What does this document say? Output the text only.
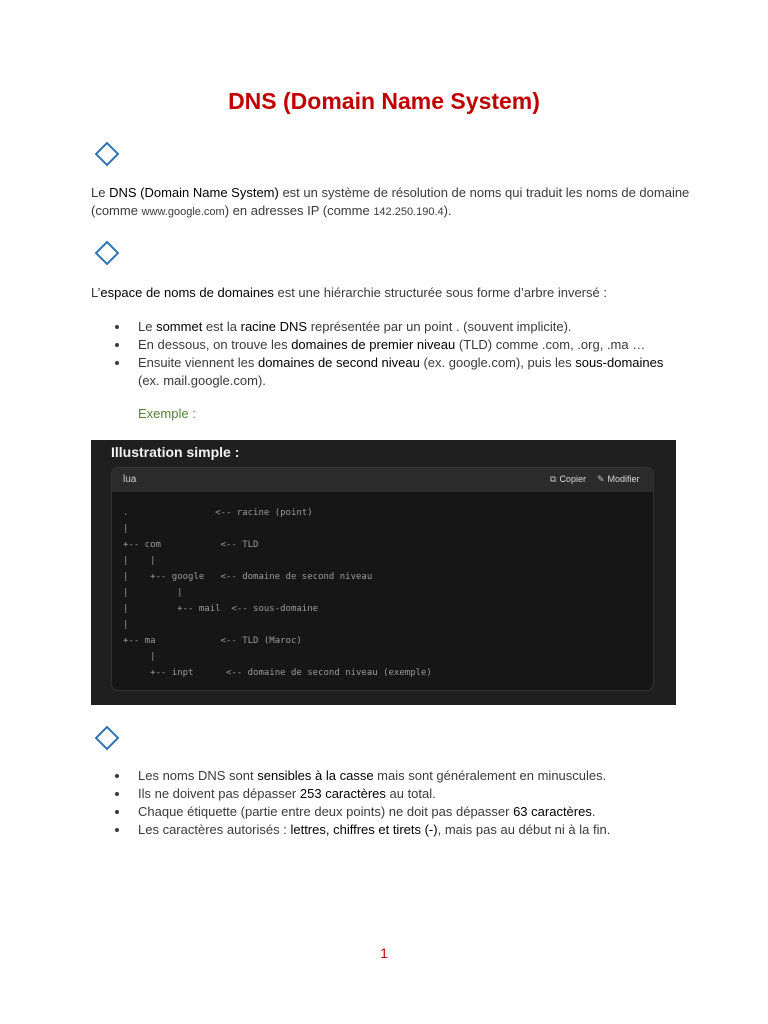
DNS (Domain Name System)

Le DNS (Domain Name System) est un système de résolution de noms qui traduit les noms de domaine (comme www.google.com) en adresses IP (comme 142.250.190.4).

L’espace de noms de domaines est une hiérarchie structurée sous forme d’arbre inversé :

Le sommet est la racine DNS représentée par un point . (souvent implicite).
En dessous, on trouve les domaines de premier niveau (TLD) comme .com, .org, .ma …
Ensuite viennent les domaines de second niveau (ex. google.com), puis les sous-domaines (ex. mail.google.com).
Exemple :
Illustration simple :
lua	⧉ Copier ✎ Modifier
.                <-- racine (point)
|
+-- com           <-- TLD
|    |
|    +-- google   <-- domaine de second niveau
|         |
|         +-- mail  <-- sous-domaine
|
+-- ma            <-- TLD (Maroc)
|
+-- inpt      <-- domaine de second niveau (exemple)
Les noms DNS sont sensibles à la casse mais sont généralement en minuscules.
Ils ne doivent pas dépasser 253 caractères au total.
Chaque étiquette (partie entre deux points) ne doit pas dépasser 63 caractères.
Les caractères autorisés : lettres, chiffres et tirets (-), mais pas au début ni à la fin.
1
